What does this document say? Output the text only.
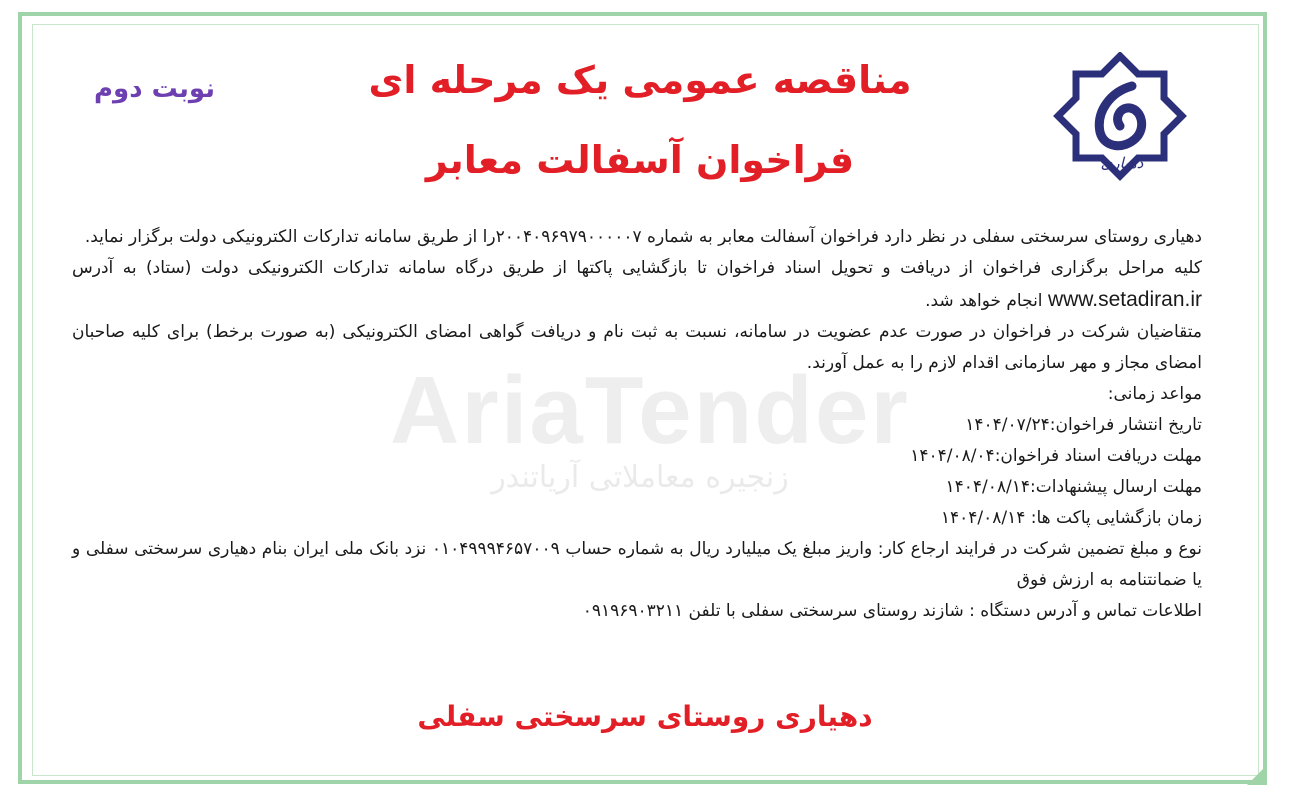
AriaTender
زنجیره معاملاتی آریاتندر
دهیاری
مناقصه عمومی یک مرحله ای
فراخوان آسفالت معابر
نوبت دوم

دهیاری روستای سرسختی سفلی در نظر دارد فراخوان آسفالت معابر به شماره ۲۰۰۴۰۹۶۹۷۹۰۰۰۰۰۷را از طریق سامانه تدارکات الکترونیکی دولت برگزار نماید.

کلیه مراحل برگزاری فراخوان از دریافت و تحویل اسناد فراخوان تا بازگشایی پاکتها از طریق درگاه سامانه تدارکات الکترونیکی دولت (ستاد) به آدرس www.setadiran.ir انجام خواهد شد.

متقاضیان شرکت در فراخوان در صورت عدم عضویت در سامانه، نسبت به ثبت نام و دریافت گواهی امضای الکترونیکی (به صورت برخط) برای کلیه صاحبان امضای مجاز و مهر سازمانی اقدام لازم را به عمل آورند.

مواعد زمانی:

تاریخ انتشار فراخوان:۱۴۰۴/۰۷/۲۴

مهلت دریافت اسناد فراخوان:۱۴۰۴/۰۸/۰۴

مهلت ارسال پیشنهادات:۱۴۰۴/۰۸/۱۴

زمان بازگشایی پاکت ها: ۱۴۰۴/۰۸/۱۴

نوع و مبلغ تضمین شرکت در فرایند ارجاع کار: واریز مبلغ یک میلیارد ریال به شماره حساب ۰۱۰۴۹۹۹۴۶۵۷۰۰۹ نزد بانک ملی ایران بنام دهیاری سرسختی سفلی و یا ضمانتنامه به ارزش فوق

اطلاعات تماس و آدرس دستگاه : شازند روستای سرسختی سفلی با تلفن ۰۹۱۹۶۹۰۳۲۱۱

دهیاری روستای سرسختی سفلی
